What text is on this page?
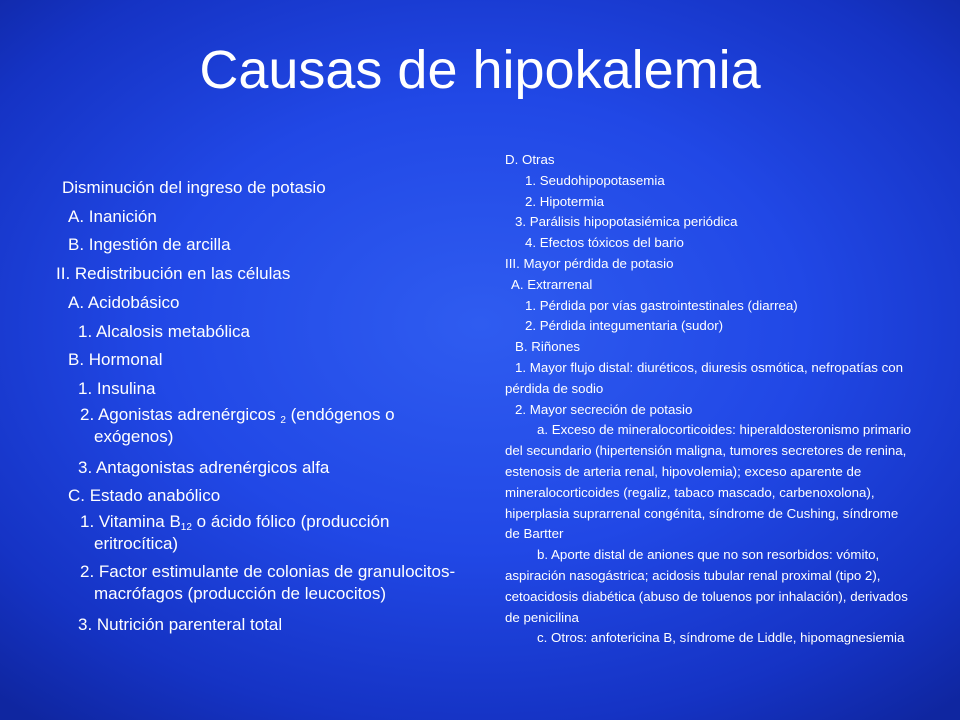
Causas de hipokalemia
Disminución del ingreso de potasio
A. Inanición
B. Ingestión de arcilla
II. Redistribución en las células
A. Acidobásico
1. Alcalosis metabólica
B. Hormonal
1. Insulina
2. Agonistas adrenérgicos $_2$ (endógenos o exógenos)
3. Antagonistas adrenérgicos alfa
C. Estado anabólico
1. Vitamina $B_{12}$ o ácido fólico (producción eritrocítica)
2. Factor estimulante de colonias de granulocitos-macrófagos (producción de leucocitos)
3. Nutrición parenteral total
D. Otras
1. Seudohipopotasemia
2. Hipotermia
3. Parálisis hipopotasiémica periódica
4. Efectos tóxicos del bario
III. Mayor pérdida de potasio
A. Extrarrenal
1. Pérdida por vías gastrointestinales (diarrea)
2. Pérdida integumentaria (sudor)
B. Riñones
1. Mayor flujo distal: diuréticos, diuresis osmótica, nefropatías con pérdida de sodio
2. Mayor secreción de potasio
a. Exceso de mineralocorticoides: hiperaldosteronismo primario del secundario (hipertensión maligna, tumores secretores de renina, estenosis de arteria renal, hipovolemia); exceso aparente de mineralocorticoides (regaliz, tabaco mascado, carbenoxolona), hiperplasia suprarrenal congénita, síndrome de Cushing, síndrome de Bartter
b. Aporte distal de aniones que no son resorbidos: vómito, aspiración nasogástrica; acidosis tubular renal proximal (tipo 2), cetoacidosis diabética (abuso de toluenos por inhalación), derivados de penicilina
c. Otros: anfotericina B, síndrome de Liddle, hipomagnesiemia
